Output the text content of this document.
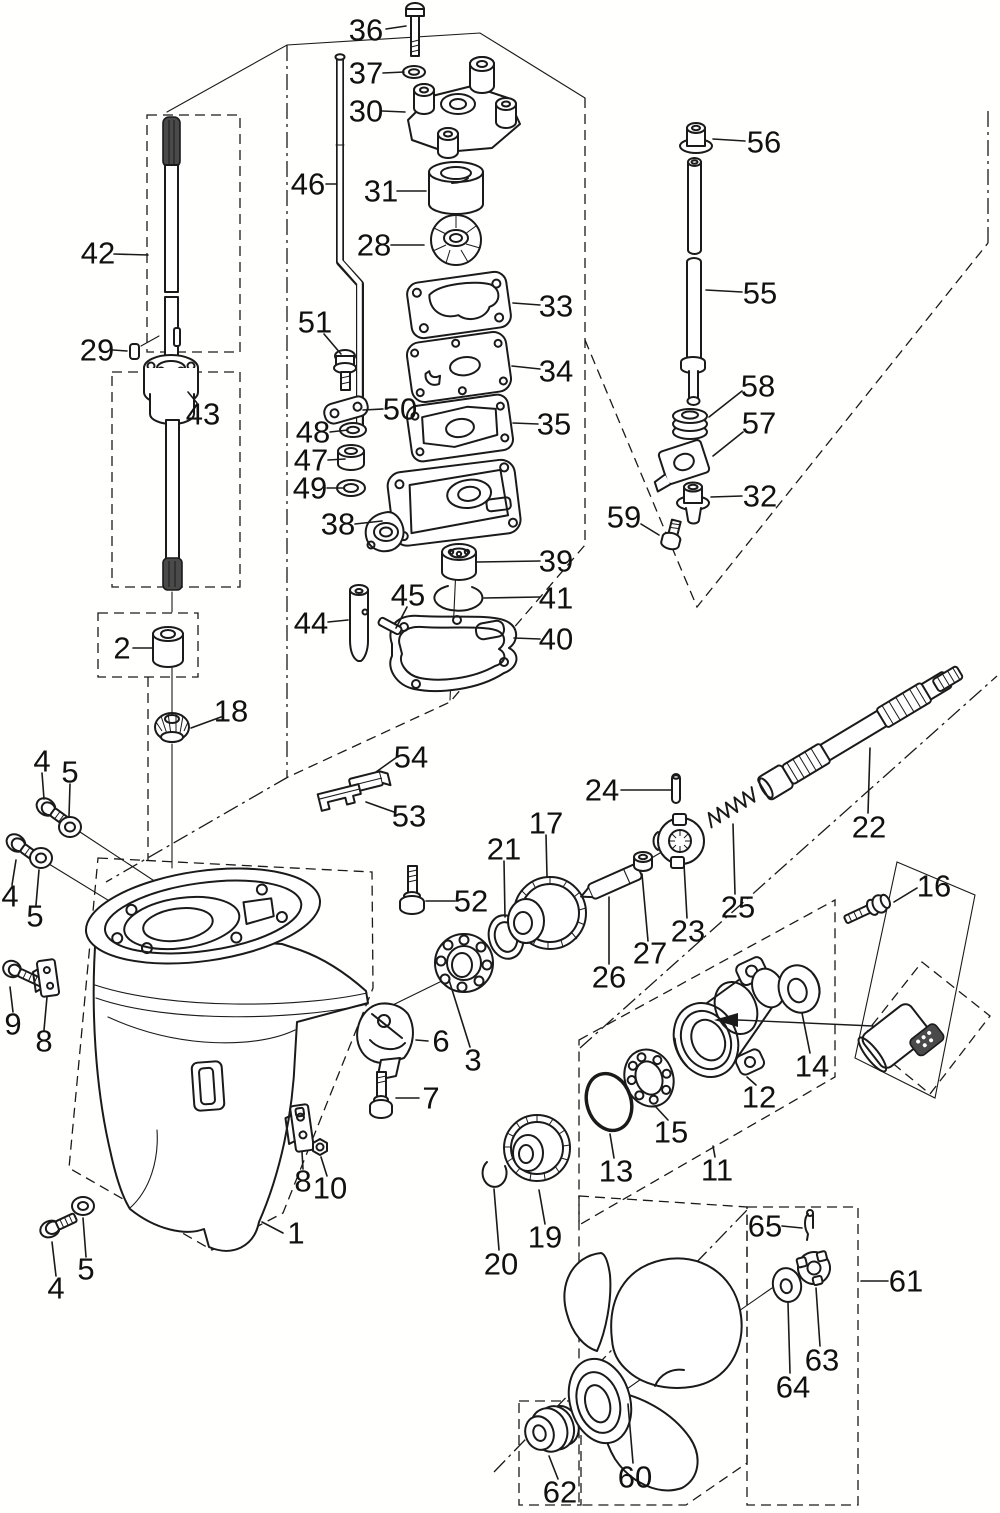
36
37
30
46 31
28
33
34
35
51
50
48
47
49
38
39
41
40
44
45
56
55
58
57
32
59
42
29
43
2
18
4 5
4
5
9 8
1
4
5
8 10
54
53
52
21
17
24
26
27
23
25
22
16
14
12
15
13 11
3
6
7
19
20
60
62
61
65
63
64
